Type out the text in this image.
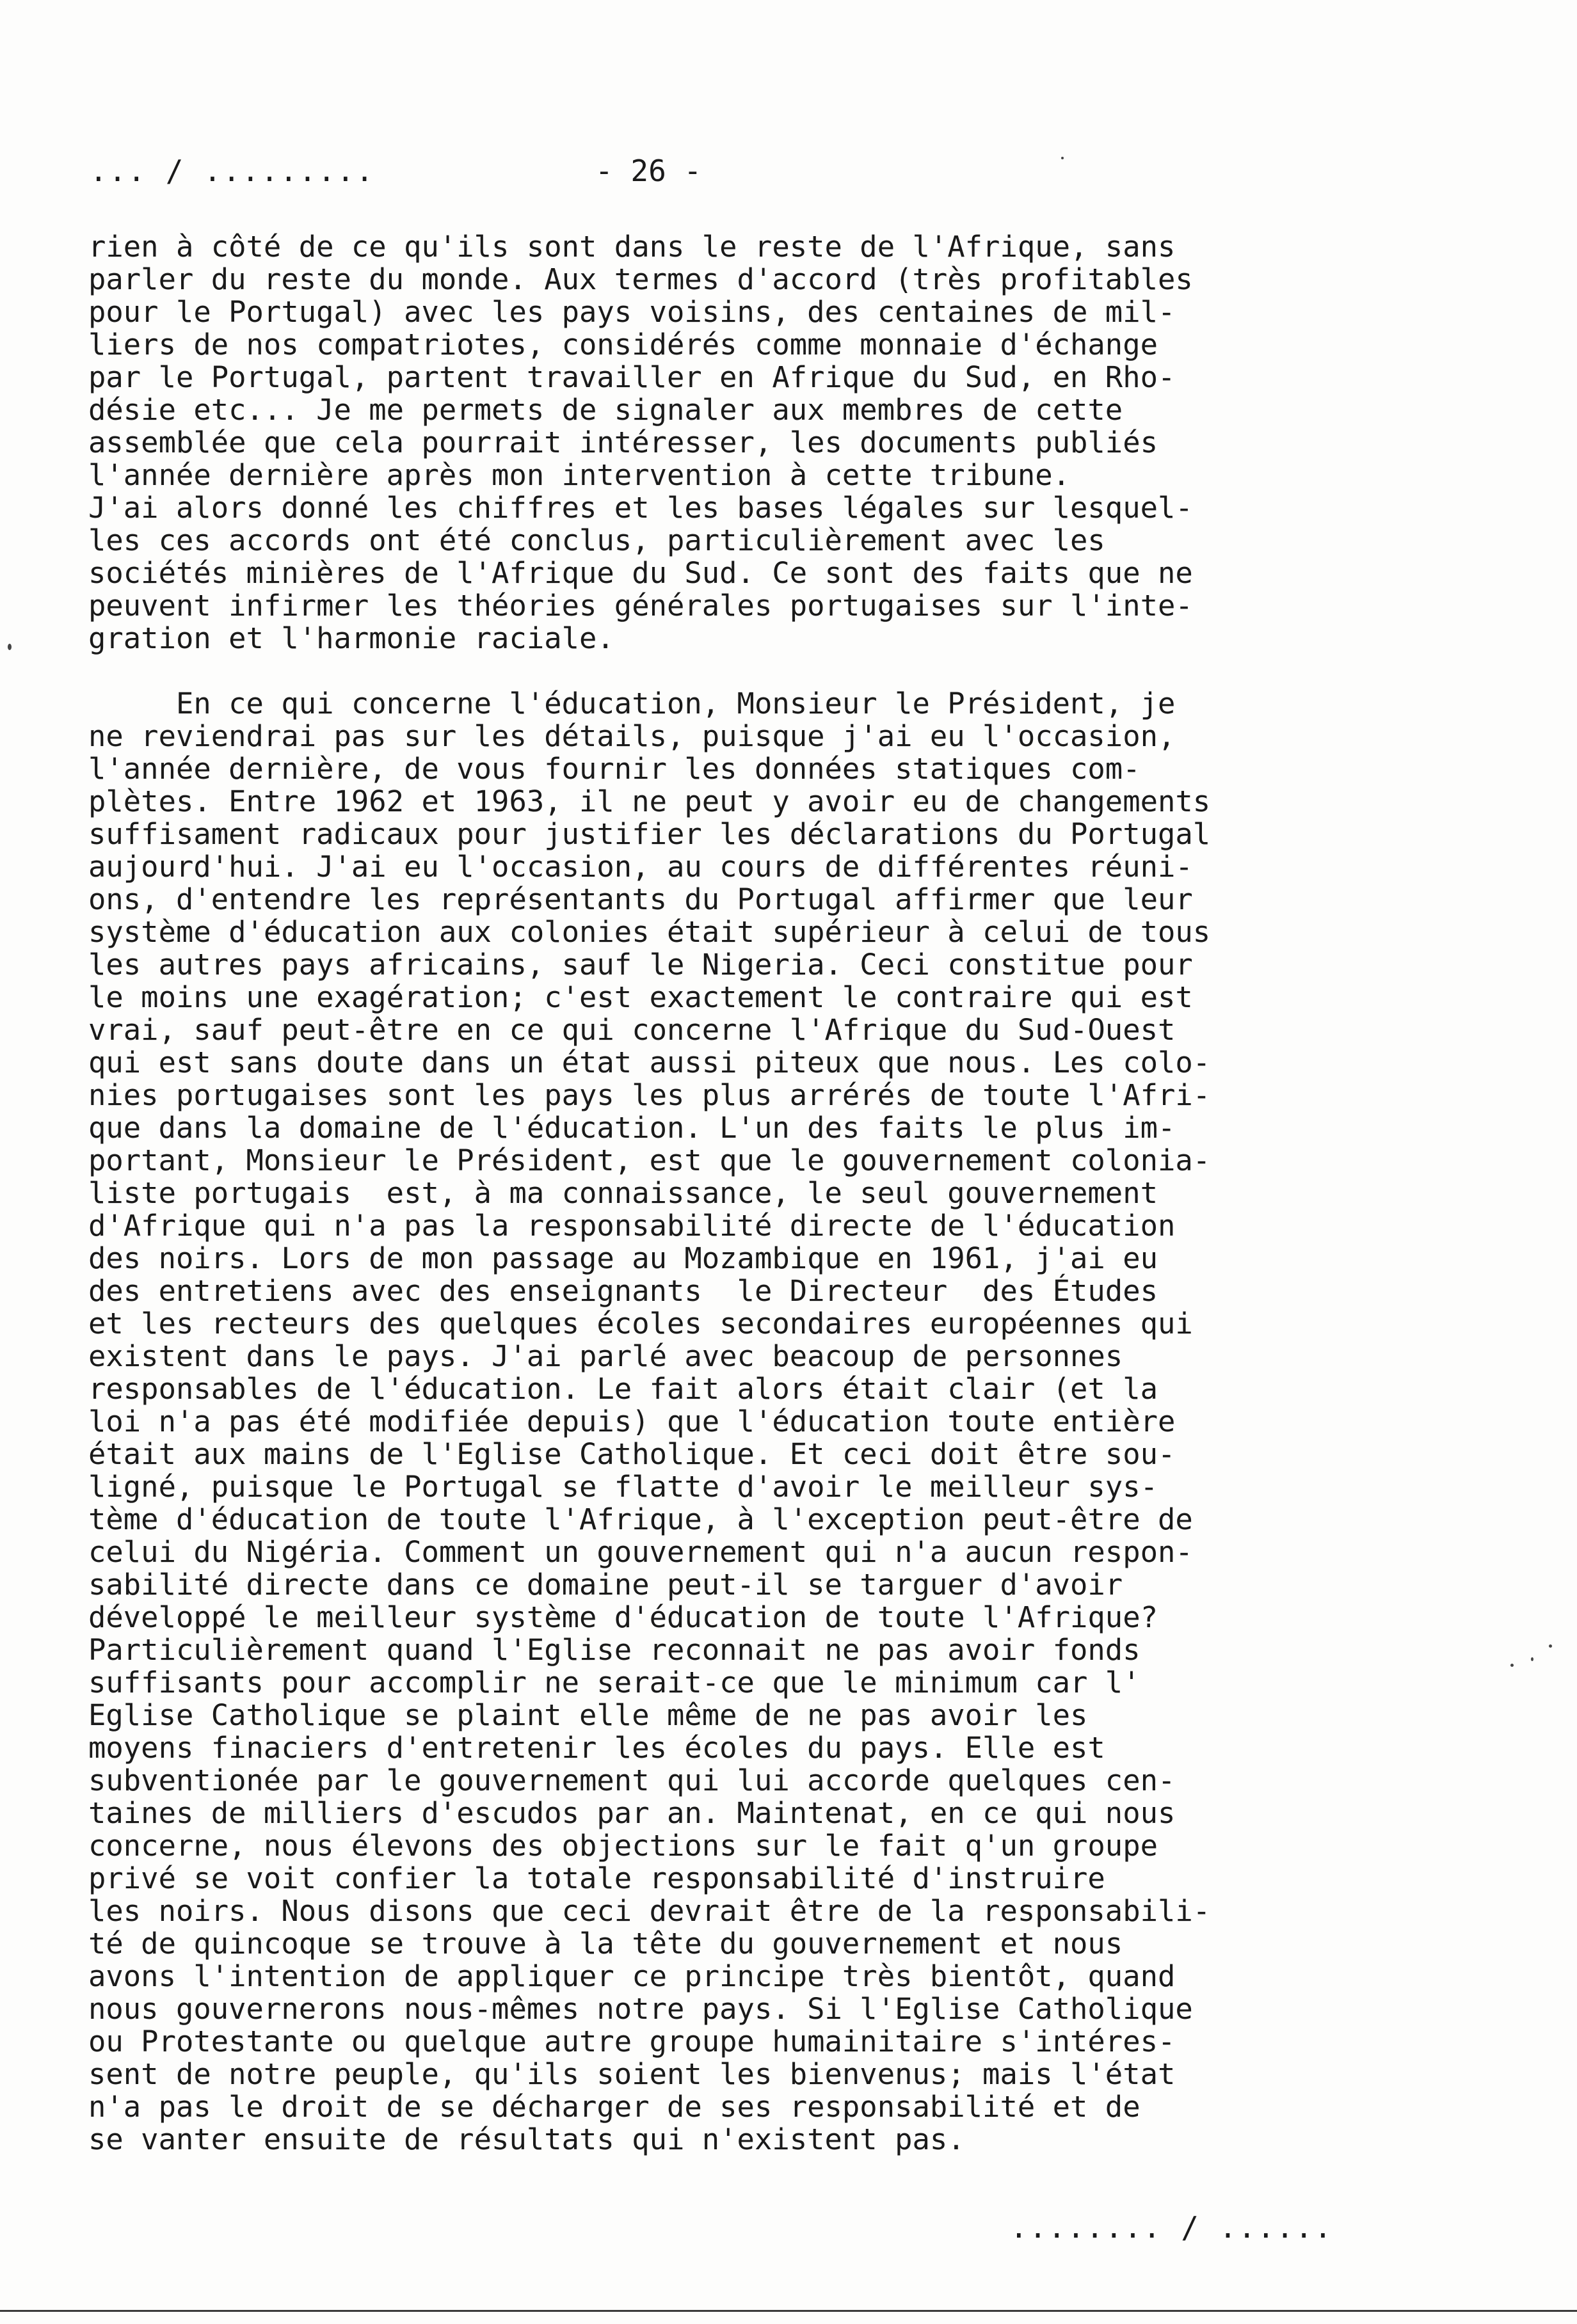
... / .........	- 26 -
rien à côté de ce qu'ils sont dans le reste de l'Afrique, sans
parler du reste du monde. Aux termes d'accord (très profitables
pour le Portugal) avec les pays voisins, des centaines de mil-
liers de nos compatriotes, considérés comme monnaie d'échange
par le Portugal, partent travailler en Afrique du Sud, en Rho-
désie etc... Je me permets de signaler aux membres de cette
assemblée que cela pourrait intéresser, les documents publiés
l'année dernière après mon intervention à cette tribune.
J'ai alors donné les chiffres et les bases légales sur lesquel-
les ces accords ont été conclus, particulièrement avec les
sociétés minières de l'Afrique du Sud. Ce sont des faits que ne
peuvent infirmer les théories générales portugaises sur l'inte-
gration et l'harmonie raciale.
En ce qui concerne l'éducation, Monsieur le Président, je
ne reviendrai pas sur les détails, puisque j'ai eu l'occasion,
l'année dernière, de vous fournir les données statiques com-
plètes. Entre 1962 et 1963, il ne peut y avoir eu de changements
suffisament radicaux pour justifier les déclarations du Portugal
aujourd'hui. J'ai eu l'occasion, au cours de différentes réuni-
ons, d'entendre les représentants du Portugal affirmer que leur
système d'éducation aux colonies était supérieur à celui de tous
les autres pays africains, sauf le Nigeria. Ceci constitue pour
le moins une exagération; c'est exactement le contraire qui est
vrai, sauf peut-être en ce qui concerne l'Afrique du Sud-Ouest
qui est sans doute dans un état aussi piteux que nous. Les colo-
nies portugaises sont les pays les plus arrérés de toute l'Afri-
que dans la domaine de l'éducation. L'un des faits le plus im-
portant, Monsieur le Président, est que le gouvernement colonia-
liste portugais  est, à ma connaissance, le seul gouvernement
d'Afrique qui n'a pas la responsabilité directe de l'éducation
des noirs. Lors de mon passage au Mozambique en 1961, j'ai eu
des entretiens avec des enseignants  le Directeur  des Études
et les recteurs des quelques écoles secondaires européennes qui
existent dans le pays. J'ai parlé avec beacoup de personnes
responsables de l'éducation. Le fait alors était clair (et la
loi n'a pas été modifiée depuis) que l'éducation toute entière
était aux mains de l'Eglise Catholique. Et ceci doit être sou-
ligné, puisque le Portugal se flatte d'avoir le meilleur sys-
tème d'éducation de toute l'Afrique, à l'exception peut-être de
celui du Nigéria. Comment un gouvernement qui n'a aucun respon-
sabilité directe dans ce domaine peut-il se targuer d'avoir
développé le meilleur système d'éducation de toute l'Afrique?
Particulièrement quand l'Eglise reconnait ne pas avoir fonds
suffisants pour accomplir ne serait-ce que le minimum car l'
Eglise Catholique se plaint elle même de ne pas avoir les
moyens finaciers d'entretenir les écoles du pays. Elle est
subventionée par le gouvernement qui lui accorde quelques cen-
taines de milliers d'escudos par an. Maintenat, en ce qui nous
concerne, nous élevons des objections sur le fait q'un groupe
privé se voit confier la totale responsabilité d'instruire
les noirs. Nous disons que ceci devrait être de la responsabili-
té de quincoque se trouve à la tête du gouvernement et nous
avons l'intention de appliquer ce principe très bientôt, quand
nous gouvernerons nous-mêmes notre pays. Si l'Eglise Catholique
ou Protestante ou quelque autre groupe humainitaire s'intéres-
sent de notre peuple, qu'ils soient les bienvenus; mais l'état
n'a pas le droit de se décharger de ses responsabilité et de
se vanter ensuite de résultats qui n'existent pas.
........ / ......
